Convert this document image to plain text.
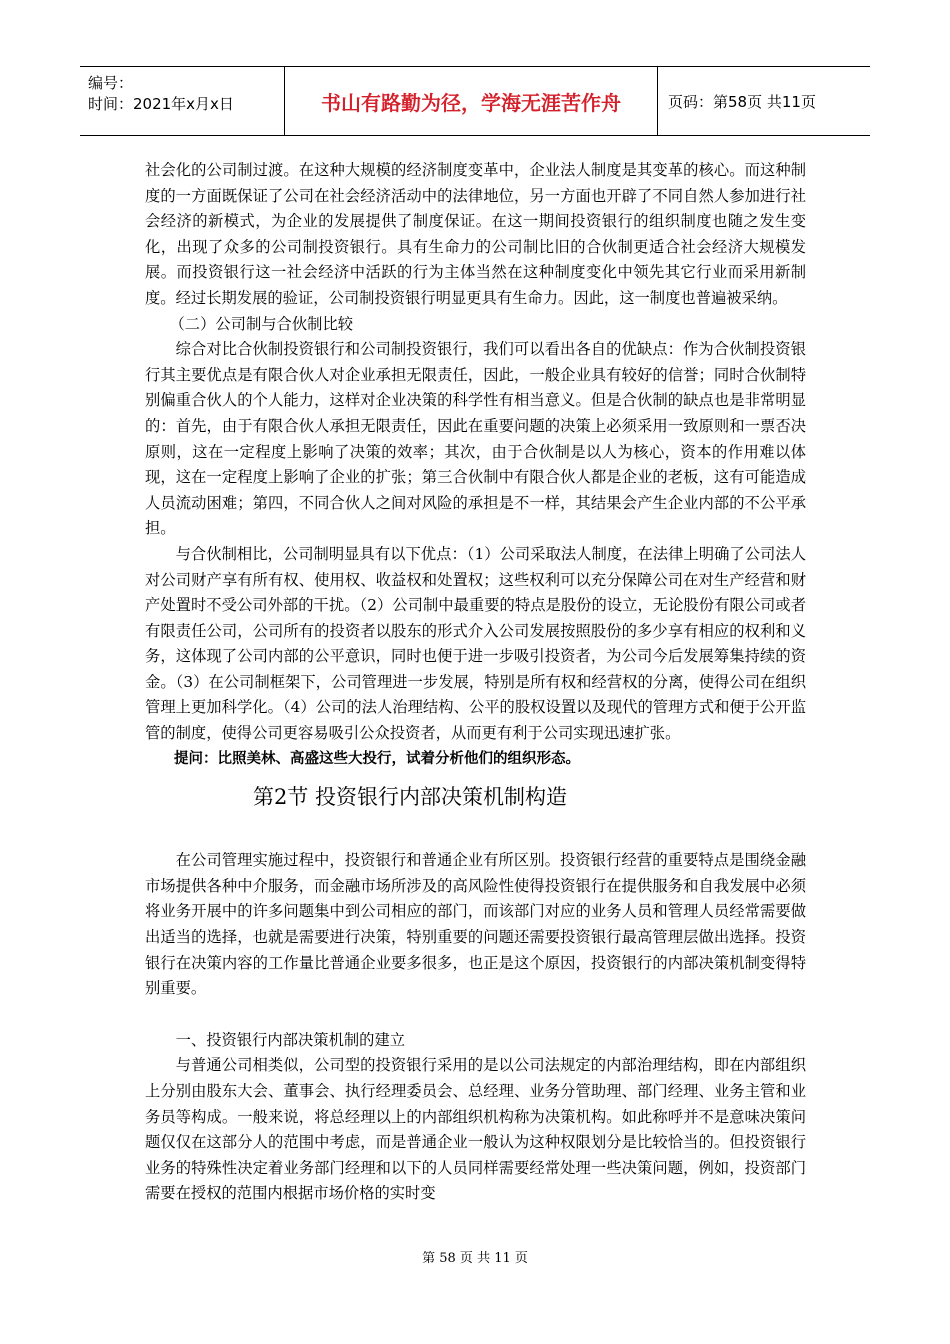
编号：
时间：2021年x月x日	书山有路勤为径，学海无涯苦作舟	页码：第58页 共11页

社会化的公司制过渡。在这种大规模的经济制度变革中，企业法人制度是其变革的核心。而这种制度的一方面既保证了公司在社会经济活动中的法律地位，另一方面也开辟了不同自然人参加进行社会经济的新模式，为企业的发展提供了制度保证。在这一期间投资银行的组织制度也随之发生变化，出现了众多的公司制投资银行。具有生命力的公司制比旧的合伙制更适合社会经济大规模发展。而投资银行这一社会经济中活跃的行为主体当然在这种制度变化中领先其它行业而采用新制度。经过长期发展的验证，公司制投资银行明显更具有生命力。因此，这一制度也普遍被采纳。

（二）公司制与合伙制比较

综合对比合伙制投资银行和公司制投资银行，我们可以看出各自的优缺点：作为合伙制投资银行其主要优点是有限合伙人对企业承担无限责任，因此，一般企业具有较好的信誉；同时合伙制特别偏重合伙人的个人能力，这样对企业决策的科学性有相当意义。但是合伙制的缺点也是非常明显的：首先，由于有限合伙人承担无限责任，因此在重要问题的决策上必须采用一致原则和一票否决原则，这在一定程度上影响了决策的效率；其次，由于合伙制是以人为核心，资本的作用难以体现，这在一定程度上影响了企业的扩张；第三合伙制中有限合伙人都是企业的老板，这有可能造成人员流动困难；第四，不同合伙人之间对风险的承担是不一样，其结果会产生企业内部的不公平承担。

与合伙制相比，公司制明显具有以下优点：（1）公司采取法人制度，在法律上明确了公司法人对公司财产享有所有权、使用权、收益权和处置权；这些权利可以充分保障公司在对生产经营和财产处置时不受公司外部的干扰。（2）公司制中最重要的特点是股份的设立，无论股份有限公司或者有限责任公司，公司所有的投资者以股东的形式介入公司发展按照股份的多少享有相应的权利和义务，这体现了公司内部的公平意识，同时也便于进一步吸引投资者，为公司今后发展筹集持续的资金。（3）在公司制框架下，公司管理进一步发展，特别是所有权和经营权的分离，使得公司在组织管理上更加科学化。（4）公司的法人治理结构、公平的股权设置以及现代的管理方式和便于公开监管的制度，使得公司更容易吸引公众投资者，从而更有利于公司实现迅速扩张。

提问：比照美林、高盛这些大投行，试着分析他们的组织形态。

第2节 投资银行内部决策机制构造

在公司管理实施过程中，投资银行和普通企业有所区别。投资银行经营的重要特点是围绕金融市场提供各种中介服务，而金融市场所涉及的高风险性使得投资银行在提供服务和自我发展中必须将业务开展中的许多问题集中到公司相应的部门，而该部门对应的业务人员和管理人员经常需要做出适当的选择，也就是需要进行决策，特别重要的问题还需要投资银行最高管理层做出选择。投资银行在决策内容的工作量比普通企业要多很多，也正是这个原因，投资银行的内部决策机制变得特别重要。

一、投资银行内部决策机制的建立

与普通公司相类似，公司型的投资银行采用的是以公司法规定的内部治理结构，即在内部组织上分别由股东大会、董事会、执行经理委员会、总经理、业务分管助理、部门经理、业务主管和业务员等构成。一般来说，将总经理以上的内部组织机构称为决策机构。如此称呼并不是意味决策问题仅仅在这部分人的范围中考虑，而是普通企业一般认为这种权限划分是比较恰当的。但投资银行业务的特殊性决定着业务部门经理和以下的人员同样需要经常处理一些决策问题，例如，投资部门需要在授权的范围内根据市场价格的实时变

第 58 页 共 11 页
